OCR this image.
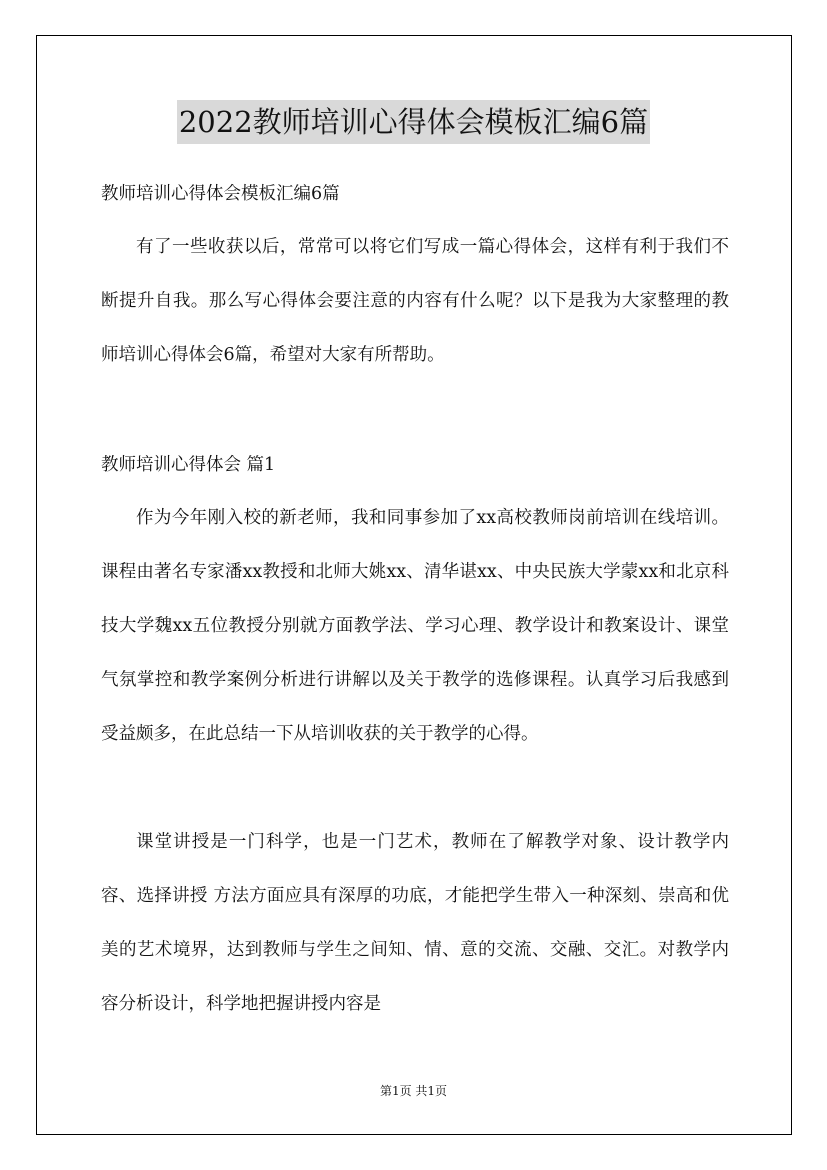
2022教师培训心得体会模板汇编6篇

教师培训心得体会模板汇编6篇

有了一些收获以后，常常可以将它们写成一篇心得体会，这样有利于我们不断提升自我。那么写心得体会要注意的内容有什么呢？以下是我为大家整理的教师培训心得体会6篇，希望对大家有所帮助。

教师培训心得体会 篇1

作为今年刚入校的新老师，我和同事参加了xx高校教师岗前培训在线培训。课程由著名专家潘xx教授和北师大姚xx、清华谌xx、中央民族大学蒙xx和北京科技大学魏xx五位教授分别就方面教学法、学习心理、教学设计和教案设计、课堂气氛掌控和教学案例分析进行讲解以及关于教学的选修课程。认真学习后我感到受益颇多，在此总结一下从培训收获的关于教学的心得。

课堂讲授是一门科学，也是一门艺术，教师在了解教学对象、设计教学内容、选择讲授 方法方面应具有深厚的功底，才能把学生带入一种深刻、崇高和优美的艺术境界，达到教师与学生之间知、情、意的交流、交融、交汇。对教学内容分析设计，科学地把握讲授内容是

第1页 共1页
